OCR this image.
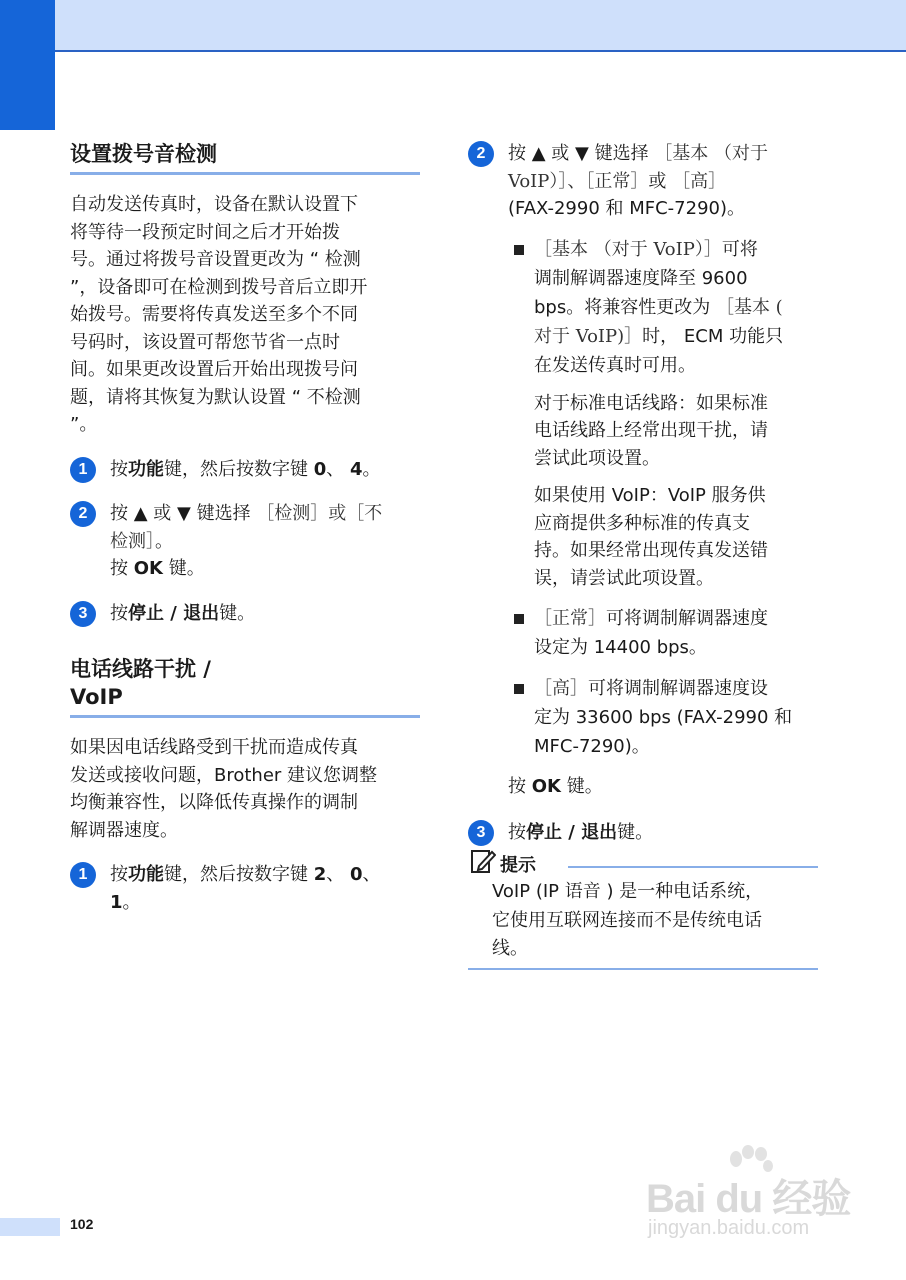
设置拨号音检测
自动发送传真时，设备在默认设置下
将等待一段预定时间之后才开始拨
号。通过将拨号音设置更改为 “ 检测
”，设备即可在检测到拨号音后立即开
始拨号。需要将传真发送至多个不同
号码时，该设置可帮您节省一点时
间。如果更改设置后开始出现拨号问
题，请将其恢复为默认设置 “ 不检测
”。
1	按功能键，然后按数字键 0、 4。
2	按 ▲ 或 ▼ 键选择 ［检测］或［不
检测］。
按 OK 键。
3	按停止 / 退出键。
电话线路干扰 /
VoIP
如果因电话线路受到干扰而造成传真
发送或接收问题，Brother 建议您调整
均衡兼容性，以降低传真操作的调制
解调器速度。
1	按功能键，然后按数字键 2、 0、
1。
2	按 ▲ 或 ▼ 键选择 ［基本 （对于
VoIP）］、［正常］或 ［高］
(FAX-2990 和 MFC-7290)。
［基本 （对于 VoIP）］可将
调制解调器速度降至 9600
bps。将兼容性更改为 ［基本 (
对于 VoIP)］时， ECM 功能只
在发送传真时可用。
对于标准电话线路：如果标准
电话线路上经常出现干扰，请
尝试此项设置。
如果使用 VoIP：VoIP 服务供
应商提供多种标准的传真支
持。如果经常出现传真发送错
误，请尝试此项设置。
［正常］可将调制解调器速度
设定为 14400 bps。
［高］可将调制解调器速度设
定为 33600 bps (FAX-2990 和
MFC-7290)。
按 OK 键。
3	按停止 / 退出键。
提示
VoIP (IP 语音 ) 是一种电话系统，
它使用互联网连接而不是传统电话
线。
102
Bai du 经验
jingyan.baidu.com
